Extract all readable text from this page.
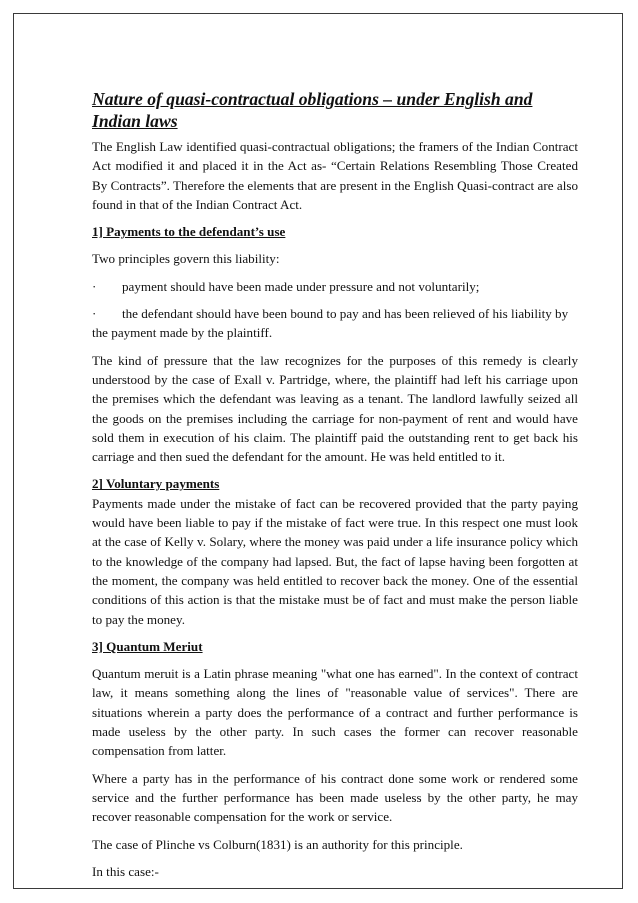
Nature of quasi-contractual obligations – under English and Indian laws

The English Law identified quasi-contractual obligations; the framers of the Indian Contract Act modified it and placed it in the Act as- “Certain Relations Resembling Those Created By Contracts”. Therefore the elements that are present in the English Quasi-contract are also found in that of the Indian Contract Act.

1] Payments to the defendant’s use

Two principles govern this liability:

· payment should have been made under pressure and not voluntarily;
· the defendant should have been bound to pay and has been relieved of his liability by the payment made by the plaintiff.

The kind of pressure that the law recognizes for the purposes of this remedy is clearly understood by the case of Exall v. Partridge, where, the plaintiff had left his carriage upon the premises which the defendant was leaving as a tenant. The landlord lawfully seized all the goods on the premises including the carriage for non-payment of rent and would have sold them in execution of his claim. The plaintiff paid the outstanding rent to get back his carriage and then sued the defendant for the amount. He was held entitled to it.

2] Voluntary payments

Payments made under the mistake of fact can be recovered provided that the party paying would have been liable to pay if the mistake of fact were true. In this respect one must look at the case of Kelly v. Solary, where the money was paid under a life insurance policy which to the knowledge of the company had lapsed. But, the fact of lapse having been forgotten at the moment, the company was held entitled to recover back the money. One of the essential conditions of this action is that the mistake must be of fact and must make the person liable to pay the money.

3] Quantum Meriut

Quantum meruit is a Latin phrase meaning "what one has earned". In the context of contract law, it means something along the lines of "reasonable value of services". There are situations wherein a party does the performance of a contract and further performance is made useless by the other party. In such cases the former can recover reasonable compensation from latter.

Where a party has in the performance of his contract done some work or rendered some service and the further performance has been made useless by the other party, he may recover reasonable compensation for the work or service.

The case of Plinche vs Colburn(1831) is an authority for this principle.

In this case:-
